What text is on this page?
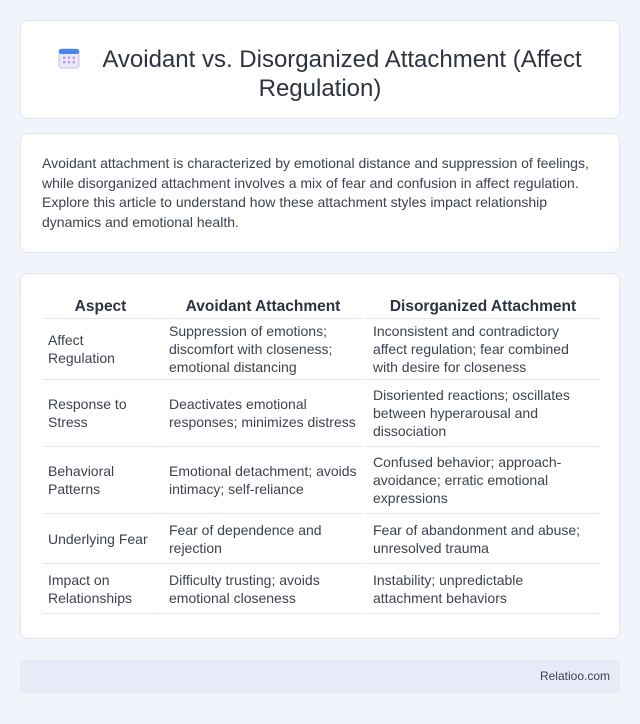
Avoidant vs. Disorganized Attachment (Affect Regulation)

Avoidant attachment is characterized by emotional distance and suppression of feelings, while disorganized attachment involves a mix of fear and confusion in affect regulation. Explore this article to understand how these attachment styles impact relationship dynamics and emotional health.

Aspect	Avoidant Attachment	Disorganized Attachment
Affect Regulation	Suppression of emotions; discomfort with closeness; emotional distancing	Inconsistent and contradictory affect regulation; fear combined with desire for closeness
Response to Stress	Deactivates emotional responses; minimizes distress	Disoriented reactions; oscillates between hyperarousal and dissociation
Behavioral Patterns	Emotional detachment; avoids intimacy; self-reliance	Confused behavior; approach-avoidance; erratic emotional expressions
Underlying Fear	Fear of dependence and rejection	Fear of abandonment and abuse; unresolved trauma
Impact on Relationships	Difficulty trusting; avoids emotional closeness	Instability; unpredictable attachment behaviors
Relatioo.com
